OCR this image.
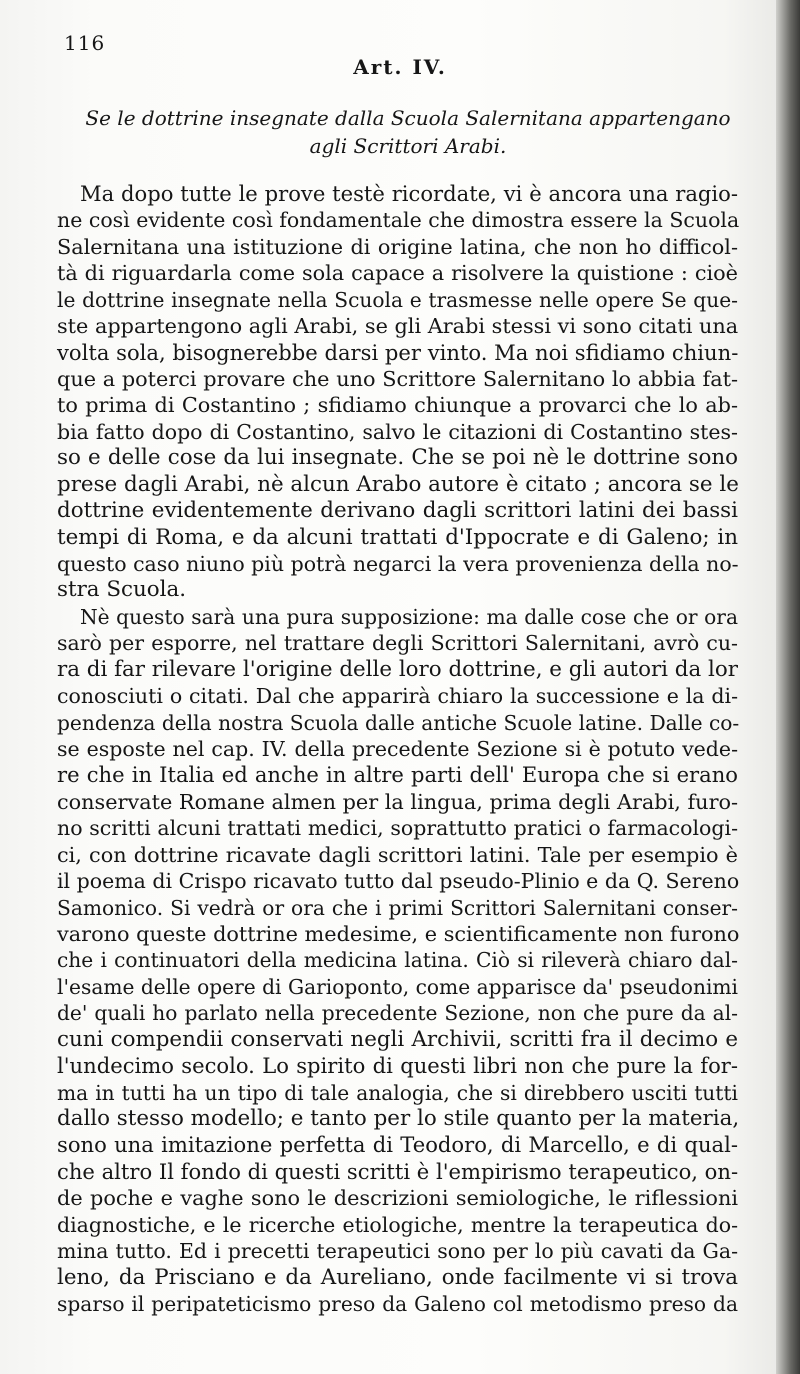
116
Art. IV.
Se le dottrine insegnate dalla Scuola Salernitana appartengano
agli Scrittori Arabi.
Ma dopo tutte le prove testè ricordate, vi è ancora una ragio-
ne così evidente così fondamentale che dimostra essere la Scuola
Salernitana una istituzione di origine latina, che non ho difficol-
tà di riguardarla come sola capace a risolvere la quistione : cioè
le dottrine insegnate nella Scuola e trasmesse nelle opere Se que-
ste appartengono agli Arabi, se gli Arabi stessi vi sono citati una
volta sola, bisognerebbe darsi per vinto. Ma noi sfidiamo chiun-
que a poterci provare che uno Scrittore Salernitano lo abbia fat-
to prima di Costantino ; sfidiamo chiunque a provarci che lo ab-
bia fatto dopo di Costantino, salvo le citazioni di Costantino stes-
so e delle cose da lui insegnate. Che se poi nè le dottrine sono
prese dagli Arabi, nè alcun Arabo autore è citato ; ancora se le
dottrine evidentemente derivano dagli scrittori latini dei bassi
tempi di Roma, e da alcuni trattati d'Ippocrate e di Galeno; in
questo caso niuno più potrà negarci la vera provenienza della no-
stra Scuola.
Nè questo sarà una pura supposizione: ma dalle cose che or ora
sarò per esporre, nel trattare degli Scrittori Salernitani, avrò cu-
ra di far rilevare l'origine delle loro dottrine, e gli autori da lor
conosciuti o citati. Dal che apparirà chiaro la successione e la di-
pendenza della nostra Scuola dalle antiche Scuole latine. Dalle co-
se esposte nel cap. IV. della precedente Sezione si è potuto vede-
re che in Italia ed anche in altre parti dell' Europa che si erano
conservate Romane almen per la lingua, prima degli Arabi, furo-
no scritti alcuni trattati medici, soprattutto pratici o farmacologi-
ci, con dottrine ricavate dagli scrittori latini. Tale per esempio è
il poema di Crispo ricavato tutto dal pseudo-Plinio e da Q. Sereno
Samonico. Si vedrà or ora che i primi Scrittori Salernitani conser-
varono queste dottrine medesime, e scientificamente non furono
che i continuatori della medicina latina. Ciò si rileverà chiaro dal-
l'esame delle opere di Garioponto, come apparisce da' pseudonimi
de' quali ho parlato nella precedente Sezione, non che pure da al-
cuni compendii conservati negli Archivii, scritti fra il decimo e
l'undecimo secolo. Lo spirito di questi libri non che pure la for-
ma in tutti ha un tipo di tale analogia, che si direbbero usciti tutti
dallo stesso modello; e tanto per lo stile quanto per la materia,
sono una imitazione perfetta di Teodoro, di Marcello, e di qual-
che altro Il fondo di questi scritti è l'empirismo terapeutico, on-
de poche e vaghe sono le descrizioni semiologiche, le riflessioni
diagnostiche, e le ricerche etiologiche, mentre la terapeutica do-
mina tutto. Ed i precetti terapeutici sono per lo più cavati da Ga-
leno, da Prisciano e da Aureliano, onde facilmente vi si trova
sparso il peripateticismo preso da Galeno col metodismo preso da
